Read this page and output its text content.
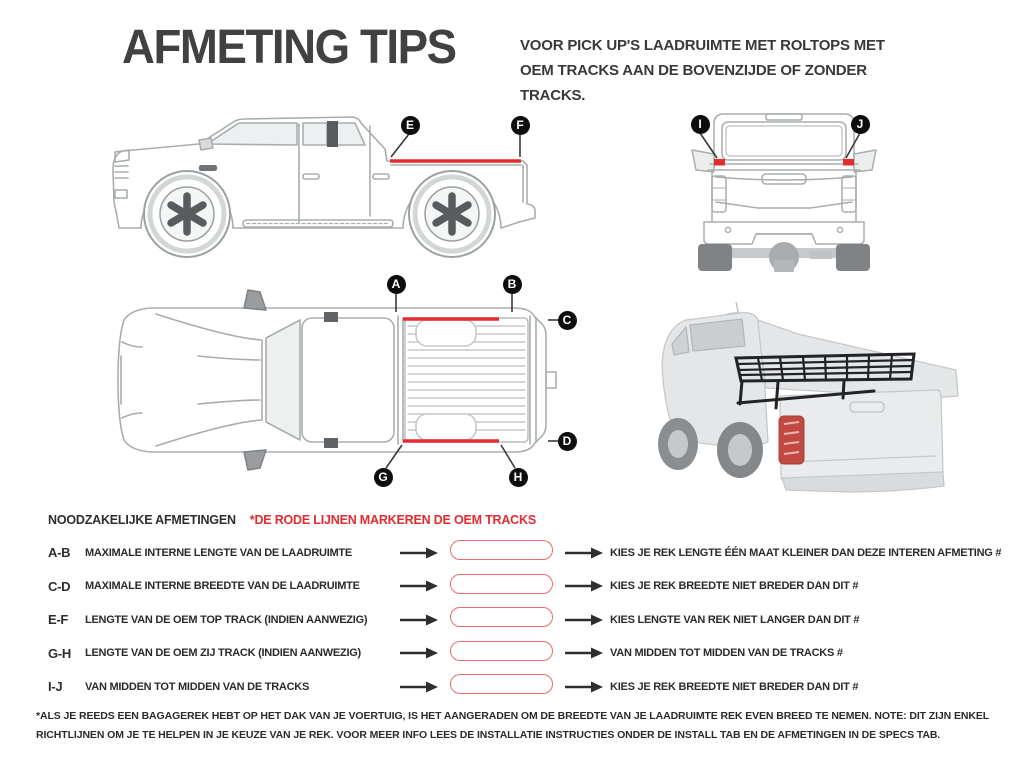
AFMETING TIPS	VOOR PICK UP'S LAADRUIMTE MET ROLTOPS MET OEM TRACKS AAN DE BOVENZIJDE OF ZONDER TRACKS.

E	F	I	J
A	B
C
D
G	H
NOODZAKELIJKE AFMETINGEN *DE RODE LIJNEN MARKEREN DE OEM TRACKS
A-B	MAXIMALE INTERNE LENGTE VAN DE LAADRUIMTE	KIES JE REK LENGTE ÉÉN MAAT KLEINER DAN DEZE INTEREN AFMETING #
C-D	MAXIMALE INTERNE BREEDTE VAN DE LAADRUIMTE	KIES JE REK BREEDTE NIET BREDER DAN DIT #
E-F	LENGTE VAN DE OEM TOP TRACK (INDIEN AANWEZIG)	KIES LENGTE VAN REK NIET LANGER DAN DIT #
G-H	LENGTE VAN DE OEM ZIJ TRACK (INDIEN AANWEZIG)	VAN MIDDEN TOT MIDDEN VAN DE TRACKS #
I-J	VAN MIDDEN TOT MIDDEN VAN DE TRACKS	KIES JE REK BREEDTE NIET BREDER DAN DIT #

*ALS JE REEDS EEN BAGAGEREK HEBT OP HET DAK VAN JE VOERTUIG, IS HET AANGERADEN OM DE BREEDTE VAN JE LAADRUIMTE REK EVEN BREED TE NEMEN. NOTE: DIT ZIJN ENKEL RICHTLIJNEN OM JE TE HELPEN IN JE KEUZE VAN JE REK. VOOR MEER INFO LEES DE INSTALLATIE INSTRUCTIES ONDER DE INSTALL TAB EN DE AFMETINGEN IN DE SPECS TAB.
